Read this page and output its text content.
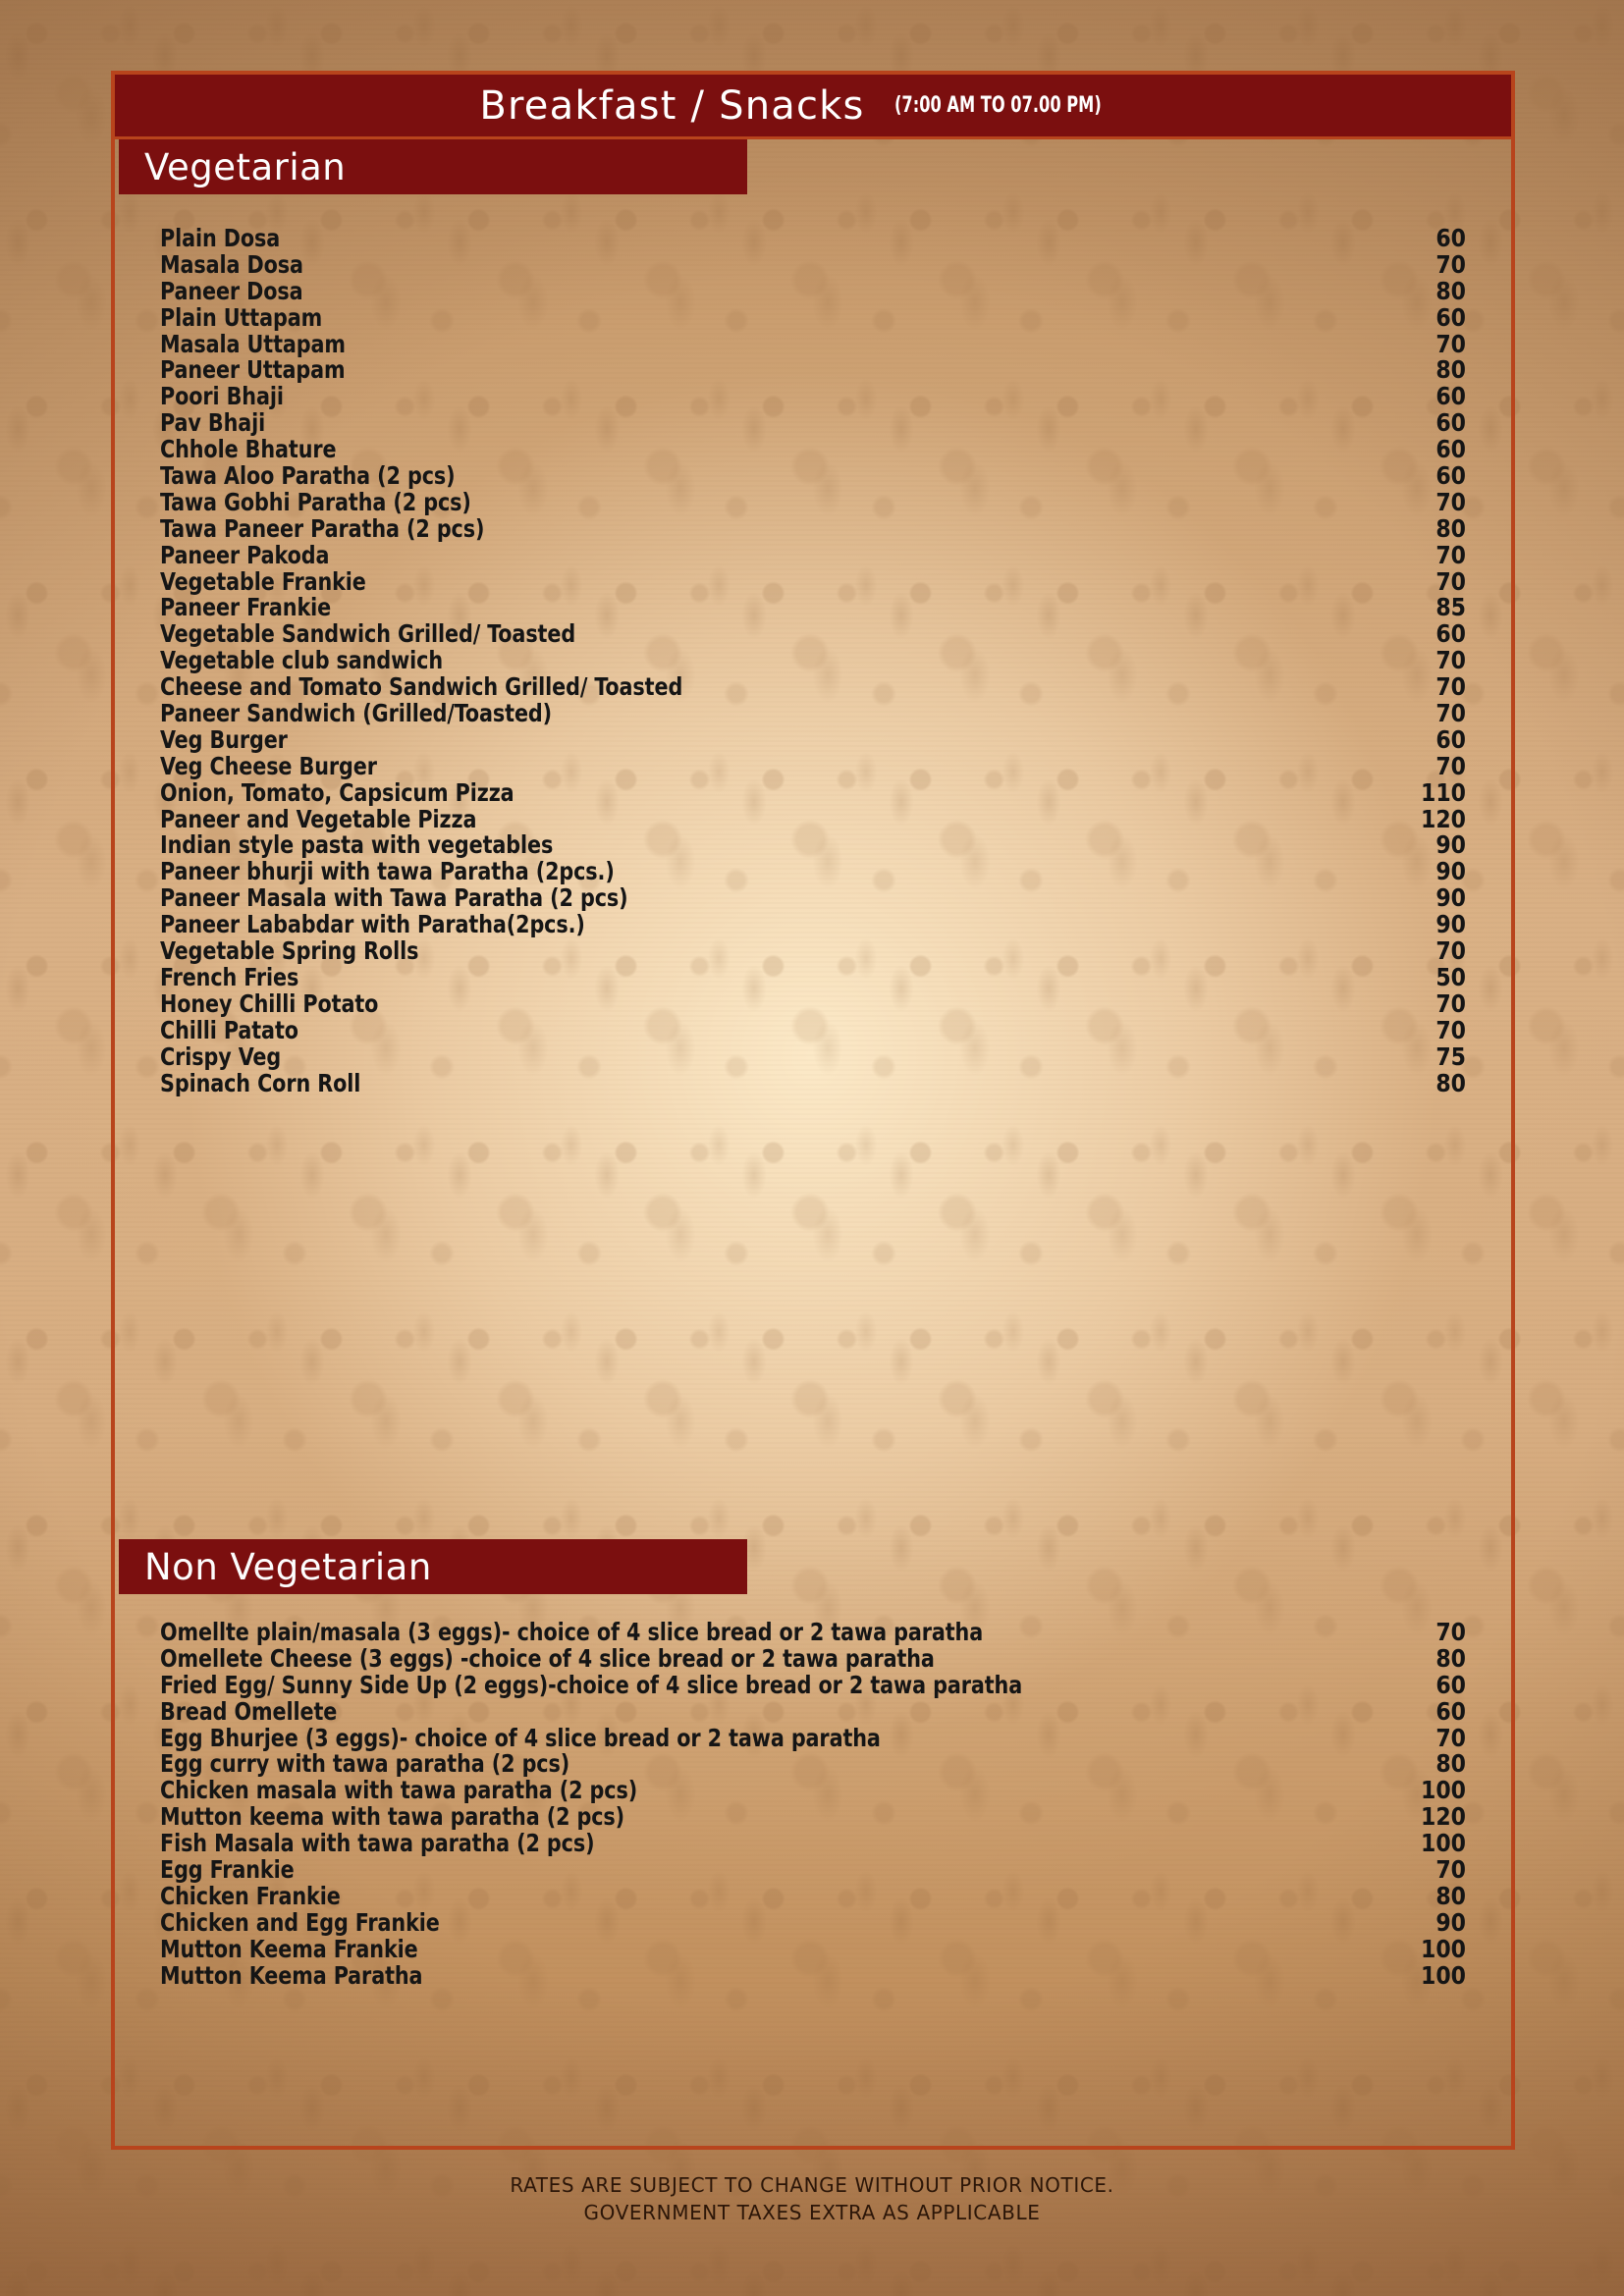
Breakfast / Snacks (7:00 AM TO 07.00 PM)
Vegetarian
Plain Dosa	60
Masala Dosa	70
Paneer Dosa	80
Plain Uttapam	60
Masala Uttapam	70
Paneer Uttapam	80
Poori Bhaji	60
Pav Bhaji	60
Chhole Bhature	60
Tawa Aloo Paratha (2 pcs)	60
Tawa Gobhi Paratha (2 pcs)	70
Tawa Paneer Paratha (2 pcs)	80
Paneer Pakoda	70
Vegetable Frankie	70
Paneer Frankie	85
Vegetable Sandwich Grilled/ Toasted	60
Vegetable club sandwich	70
Cheese and Tomato Sandwich Grilled/ Toasted	70
Paneer Sandwich (Grilled/Toasted)	70
Veg Burger	60
Veg Cheese Burger	70
Onion, Tomato, Capsicum Pizza	110
Paneer and Vegetable Pizza	120
Indian style pasta with vegetables	90
Paneer bhurji with tawa Paratha (2pcs.)	90
Paneer Masala with Tawa Paratha (2 pcs)	90
Paneer Lababdar with Paratha(2pcs.)	90
Vegetable Spring Rolls	70
French Fries	50
Honey Chilli Potato	70
Chilli Patato	70
Crispy Veg	75
Spinach Corn Roll	80
Non Vegetarian
Omellte plain/masala (3 eggs)- choice of 4 slice bread or 2 tawa paratha	70
Omellete Cheese (3 eggs) -choice of 4 slice bread or 2 tawa paratha	80
Fried Egg/ Sunny Side Up (2 eggs)-choice of 4 slice bread or 2 tawa paratha	60
Bread Omellete	60
Egg Bhurjee (3 eggs)- choice of 4 slice bread or 2 tawa paratha	70
Egg curry with tawa paratha (2 pcs)	80
Chicken masala with tawa paratha (2 pcs)	100
Mutton keema with tawa paratha (2 pcs)	120
Fish Masala with tawa paratha (2 pcs)	100
Egg Frankie	70
Chicken Frankie	80
Chicken and Egg Frankie	90
Mutton Keema Frankie	100
Mutton Keema Paratha	100
RATES ARE SUBJECT TO CHANGE WITHOUT PRIOR NOTICE.
GOVERNMENT TAXES EXTRA AS APPLICABLE
